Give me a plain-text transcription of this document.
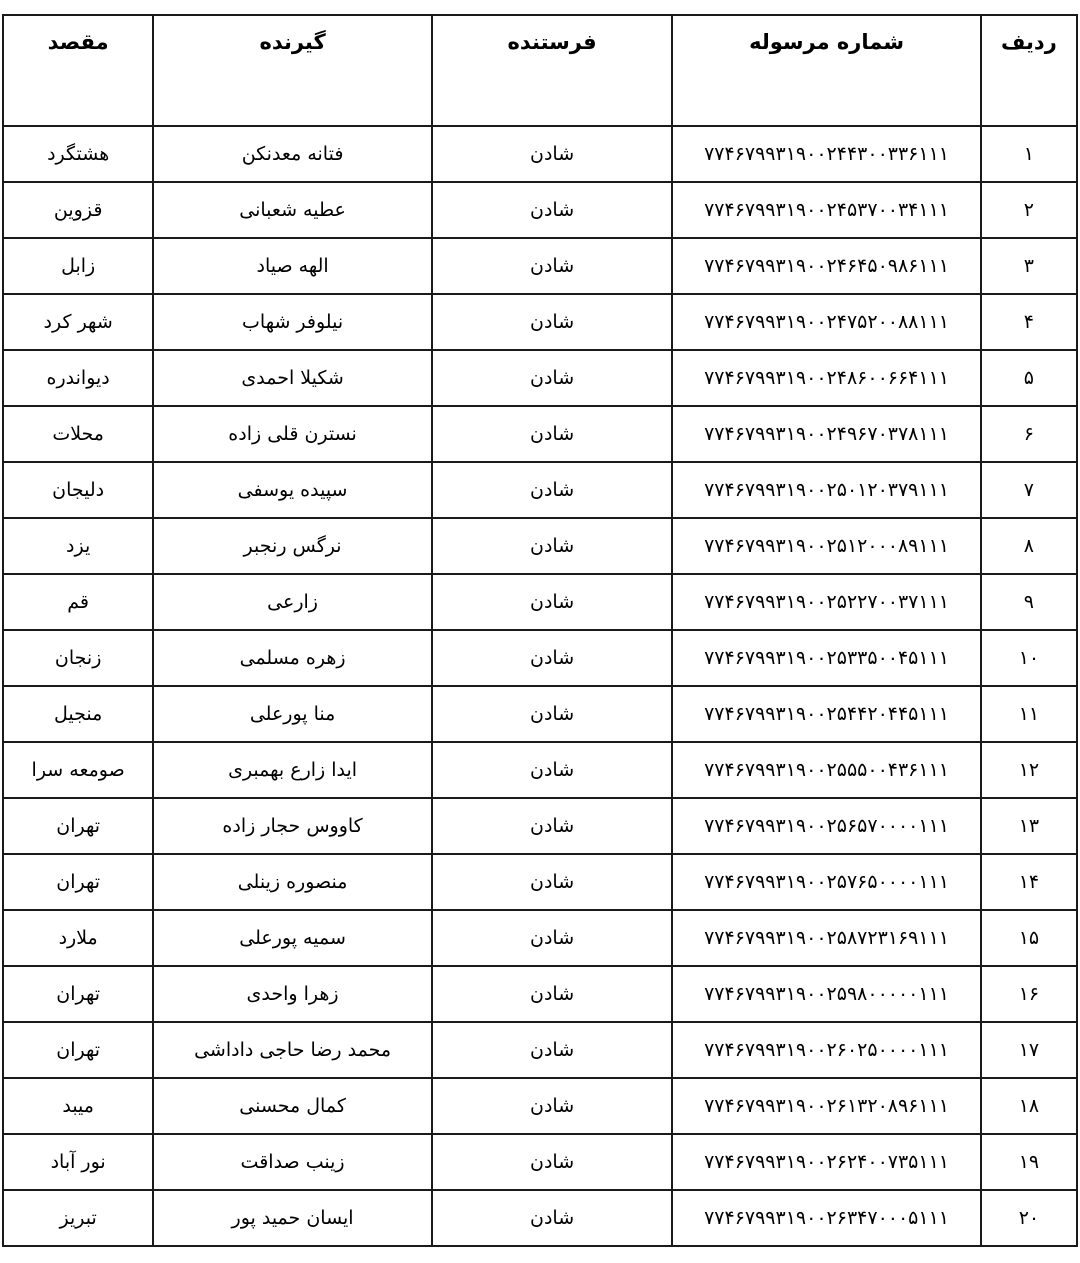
ردیف	شماره مرسوله	فرستنده	گیرنده	مقصد
۱	۷۷۴۶۷۹۹۳۱۹۰۰۲۴۴۳۰۰۳۳۶۱۱۱	شادن	فتانه معدنکن	هشتگرد
۲	۷۷۴۶۷۹۹۳۱۹۰۰۲۴۵۳۷۰۰۳۴۱۱۱	شادن	عطیه شعبانی	قزوین
۳	۷۷۴۶۷۹۹۳۱۹۰۰۲۴۶۴۵۰۹۸۶۱۱۱	شادن	الهه صیاد	زابل
۴	۷۷۴۶۷۹۹۳۱۹۰۰۲۴۷۵۲۰۰۸۸۱۱۱	شادن	نیلوفر شهاب	شهر کرد
۵	۷۷۴۶۷۹۹۳۱۹۰۰۲۴۸۶۰۰۶۶۴۱۱۱	شادن	شکیلا احمدی	دیواندره
۶	۷۷۴۶۷۹۹۳۱۹۰۰۲۴۹۶۷۰۳۷۸۱۱۱	شادن	نسترن قلی زاده	محلات
۷	۷۷۴۶۷۹۹۳۱۹۰۰۲۵۰۱۲۰۳۷۹۱۱۱	شادن	سپیده یوسفی	دلیجان
۸	۷۷۴۶۷۹۹۳۱۹۰۰۲۵۱۲۰۰۰۸۹۱۱۱	شادن	نرگس رنجبر	یزد
۹	۷۷۴۶۷۹۹۳۱۹۰۰۲۵۲۲۷۰۰۳۷۱۱۱	شادن	زارعی	قم
۱۰	۷۷۴۶۷۹۹۳۱۹۰۰۲۵۳۳۵۰۰۴۵۱۱۱	شادن	زهره مسلمی	زنجان
۱۱	۷۷۴۶۷۹۹۳۱۹۰۰۲۵۴۴۲۰۴۴۵۱۱۱	شادن	منا پورعلی	منجیل
۱۲	۷۷۴۶۷۹۹۳۱۹۰۰۲۵۵۵۰۰۴۳۶۱۱۱	شادن	ایدا زارع بهمبری	صومعه سرا
۱۳	۷۷۴۶۷۹۹۳۱۹۰۰۲۵۶۵۷۰۰۰۰۱۱۱	شادن	کاووس حجار زاده	تهران
۱۴	۷۷۴۶۷۹۹۳۱۹۰۰۲۵۷۶۵۰۰۰۰۱۱۱	شادن	منصوره زینلی	تهران
۱۵	۷۷۴۶۷۹۹۳۱۹۰۰۲۵۸۷۲۳۱۶۹۱۱۱	شادن	سمیه پورعلی	ملارد
۱۶	۷۷۴۶۷۹۹۳۱۹۰۰۲۵۹۸۰۰۰۰۰۱۱۱	شادن	زهرا واحدی	تهران
۱۷	۷۷۴۶۷۹۹۳۱۹۰۰۲۶۰۲۵۰۰۰۰۱۱۱	شادن	محمد رضا حاجی داداشی	تهران
۱۸	۷۷۴۶۷۹۹۳۱۹۰۰۲۶۱۳۲۰۸۹۶۱۱۱	شادن	کمال محسنی	میبد
۱۹	۷۷۴۶۷۹۹۳۱۹۰۰۲۶۲۴۰۰۷۳۵۱۱۱	شادن	زینب صداقت	نور آباد
۲۰	۷۷۴۶۷۹۹۳۱۹۰۰۲۶۳۴۷۰۰۰۵۱۱۱	شادن	ایسان حمید پور	تبریز
